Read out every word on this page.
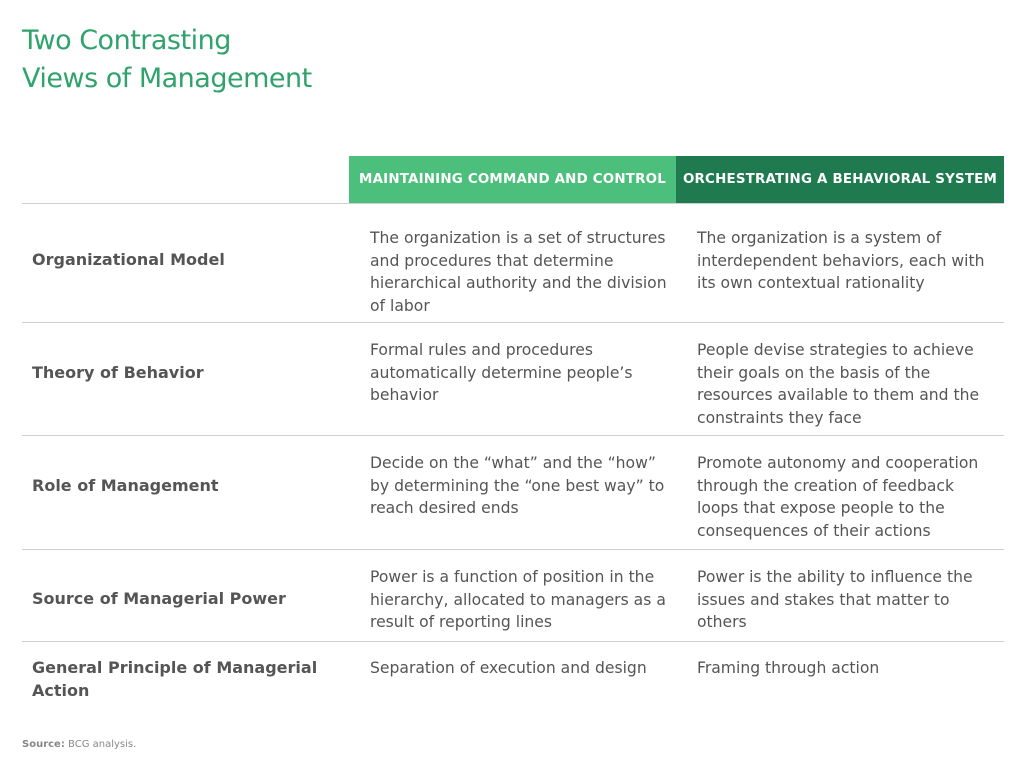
Two Contrasting
Views of Management
MAINTAINING COMMAND AND CONTROL	ORCHESTRATING A BEHAVIORAL SYSTEM
Organizational Model
The organization is a set of structures and procedures that determine hierarchical authority and the division of labor
The organization is a system of interdependent behaviors, each with its own contextual rationality
Theory of Behavior
Formal rules and procedures automatically determine people’s behavior
People devise strategies to achieve their goals on the basis of the resources available to them and the constraints they face
Role of Management
Decide on the “what” and the “how” by determining the “one best way” to reach desired ends
Promote autonomy and cooperation through the creation of feedback loops that expose people to the consequences of their actions
Source of Managerial Power
Power is a function of position in the hierarchy, allocated to managers as a result of reporting lines
Power is the ability to influence the issues and stakes that matter to others
General Principle of Managerial Action
Separation of execution and design	Framing through action
Source: BCG analysis.
